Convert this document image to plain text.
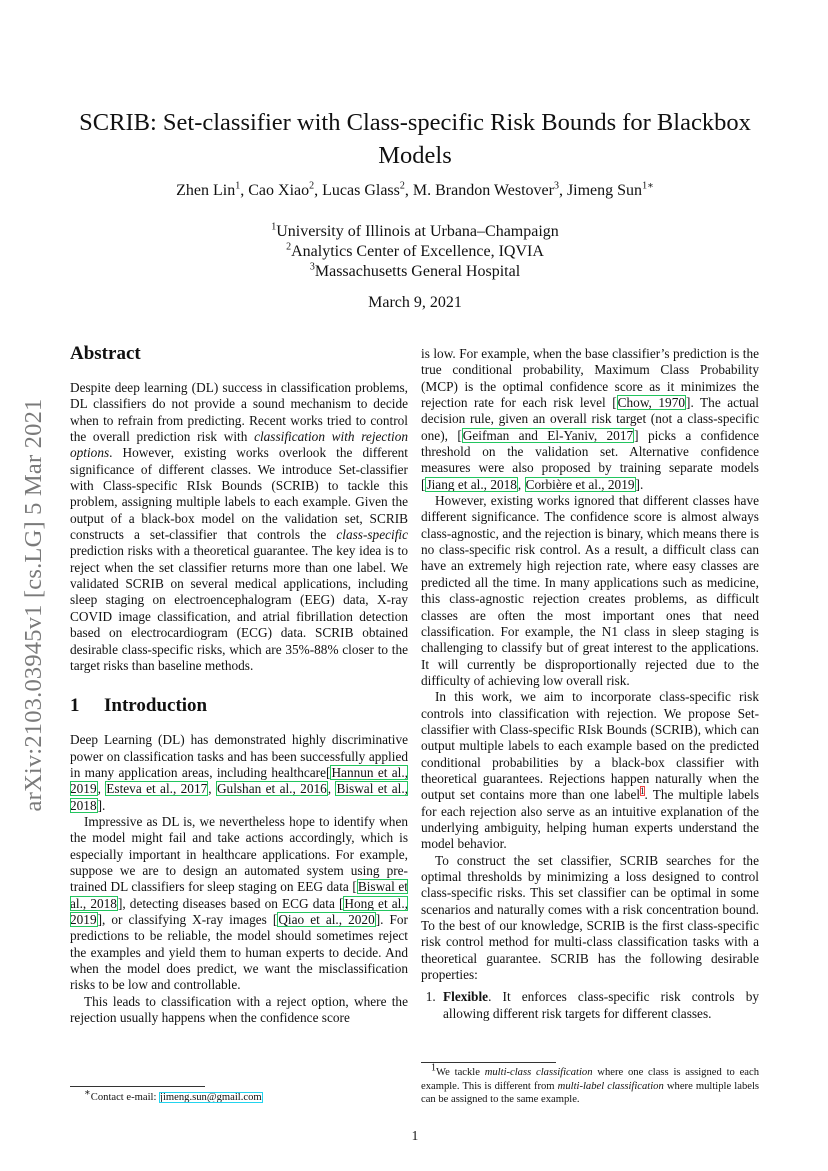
arXiv:2103.03945v1 [cs.LG] 5 Mar 2021
SCRIB: Set-classifier with Class-specific Risk Bounds for Blackbox Models
Zhen Lin$^1$, Cao Xiao$^2$, Lucas Glass$^2$, M. Brandon Westover$^3$, Jimeng Sun$^{1∗}$
$^1$University of Illinois at Urbana–Champaign
$^2$Analytics Center of Excellence, IQVIA
$^3$Massachusetts General Hospital
March 9, 2021
Abstract

Despite deep learning (DL) success in classification problems, DL classifiers do not provide a sound mechanism to decide when to refrain from predicting. Recent works tried to control the overall prediction risk with classification with rejection options. However, existing works overlook the different significance of different classes. We introduce Set-classifier with Class-specific RIsk Bounds (SCRIB) to tackle this problem, assigning multiple labels to each example. Given the output of a black-box model on the validation set, SCRIB constructs a set-classifier that controls the class-specific prediction risks with a theoretical guarantee. The key idea is to reject when the set classifier returns more than one label. We validated SCRIB on several medical applications, including sleep staging on electroencephalogram (EEG) data, X-ray COVID image classification, and atrial fibrillation detection based on electrocardiogram (ECG) data. SCRIB obtained desirable class-specific risks, which are 35%-88% closer to the target risks than baseline methods.

1 Introduction

Deep Learning (DL) has demonstrated highly discriminative power on classification tasks and has been successfully applied in many application areas, including healthcare[Hannun et al., 2019, Esteva et al., 2017, Gulshan et al., 2016, Biswal et al., 2018].

Impressive as DL is, we nevertheless hope to identify when the model might fail and take actions accordingly, which is especially important in healthcare applications. For example, suppose we are to design an automated system using pre-trained DL classifiers for sleep staging on EEG data [Biswal et al., 2018], detecting diseases based on ECG data [Hong et al., 2019], or classifying X-ray images [Qiao et al., 2020]. For predictions to be reliable, the model should sometimes reject the examples and yield them to human experts to decide. And when the model does predict, we want the misclassification risks to be low and controllable.

This leads to classification with a reject option, where the rejection usually happens when the confidence score

is low. For example, when the base classifier’s prediction is the true conditional probability, Maximum Class Probability (MCP) is the optimal confidence score as it minimizes the rejection rate for each risk level [Chow, 1970]. The actual decision rule, given an overall risk target (not a class-specific one), [Geifman and El-Yaniv, 2017] picks a confidence threshold on the validation set. Alternative confidence measures were also proposed by training separate models [Jiang et al., 2018, Corbière et al., 2019].

However, existing works ignored that different classes have different significance. The confidence score is almost always class-agnostic, and the rejection is binary, which means there is no class-specific risk control. As a result, a difficult class can have an extremely high rejection rate, where easy classes are predicted all the time. In many applications such as medicine, this class-agnostic rejection creates problems, as difficult classes are often the most important ones that need classification. For example, the N1 class in sleep staging is challenging to classify but of great interest to the applications. It will currently be disproportionally rejected due to the difficulty of achieving low overall risk.

In this work, we aim to incorporate class-specific risk controls into classification with rejection. We propose Set-classifier with Class-specific RIsk Bounds (SCRIB), which can output multiple labels to each example based on the predicted conditional probabilities by a black-box classifier with theoretical guarantees. Rejections happen naturally when the output set contains more than one label$^1$. The multiple labels for each rejection also serve as an intuitive explanation of the underlying ambiguity, helping human experts understand the model behavior.

To construct the set classifier, SCRIB searches for the optimal thresholds by minimizing a loss designed to control class-specific risks. This set classifier can be optimal in some scenarios and naturally comes with a risk concentration bound. To the best of our knowledge, SCRIB is the first class-specific risk control method for multi-class classification tasks with a theoretical guarantee. SCRIB has the following desirable properties:

1. Flexible. It enforces class-specific risk controls by allowing different risk targets for different classes.
∗Contact e-mail: jimeng.sun@gmail.com
$^1$We tackle multi-class classification where one class is assigned to each example. This is different from multi-label classification where multiple labels can be assigned to the same example.
1
